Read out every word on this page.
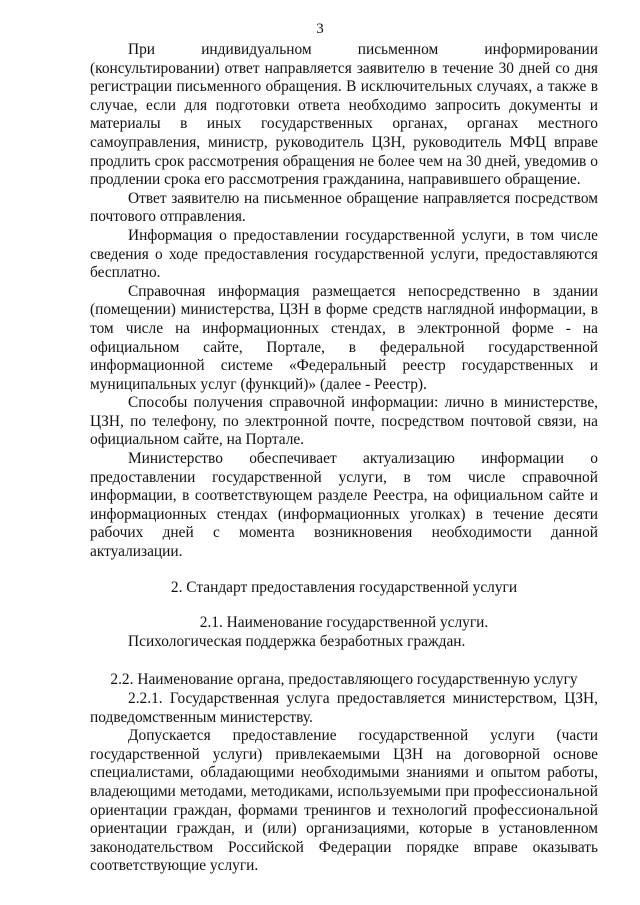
3

При индивидуальном письменном информировании (консультировании) ответ направляется заявителю в течение 30 дней со дня регистрации письменного обращения. В исключительных случаях, а также в случае, если для подготовки ответа необходимо запросить документы и материалы в иных государственных органах, органах местного самоуправления, министр, руководитель ЦЗН, руководитель МФЦ вправе продлить срок рассмотрения обращения не более чем на 30 дней, уведомив о продлении срока его рассмотрения гражданина, направившего обращение.

Ответ заявителю на письменное обращение направляется посредством почтового отправления.

Информация о предоставлении государственной услуги, в том числе сведения о ходе предоставления государственной услуги, предоставляются бесплатно.

Справочная информация размещается непосредственно в здании (помещении) министерства, ЦЗН в форме средств наглядной информации, в том числе на информационных стендах, в электронной форме - на официальном сайте, Портале, в федеральной государственной информационной системе «Федеральный реестр государственных и муниципальных услуг (функций)» (далее - Реестр).

Способы получения справочной информации: лично в министерстве, ЦЗН, по телефону, по электронной почте, посредством почтовой связи, на официальном сайте, на Портале.

Министерство обеспечивает актуализацию информации о предоставлении государственной услуги, в том числе справочной информации, в соответствующем разделе Реестра, на официальном сайте и информационных стендах (информационных уголках) в течение десяти рабочих дней с момента возникновения необходимости данной актуализации.

2. Стандарт предоставления государственной услуги

2.1. Наименование государственной услуги.

Психологическая поддержка безработных граждан.

2.2. Наименование органа, предоставляющего государственную услугу

2.2.1. Государственная услуга предоставляется министерством, ЦЗН, подведомственным министерству.

Допускается предоставление государственной услуги (части государственной услуги) привлекаемыми ЦЗН на договорной основе специалистами, обладающими необходимыми знаниями и опытом работы, владеющими методами, методиками, используемыми при профессиональной ориентации граждан, формами тренингов и технологий профессиональной ориентации граждан, и (или) организациями, которые в установленном законодательством Российской Федерации порядке вправе оказывать соответствующие услуги.
